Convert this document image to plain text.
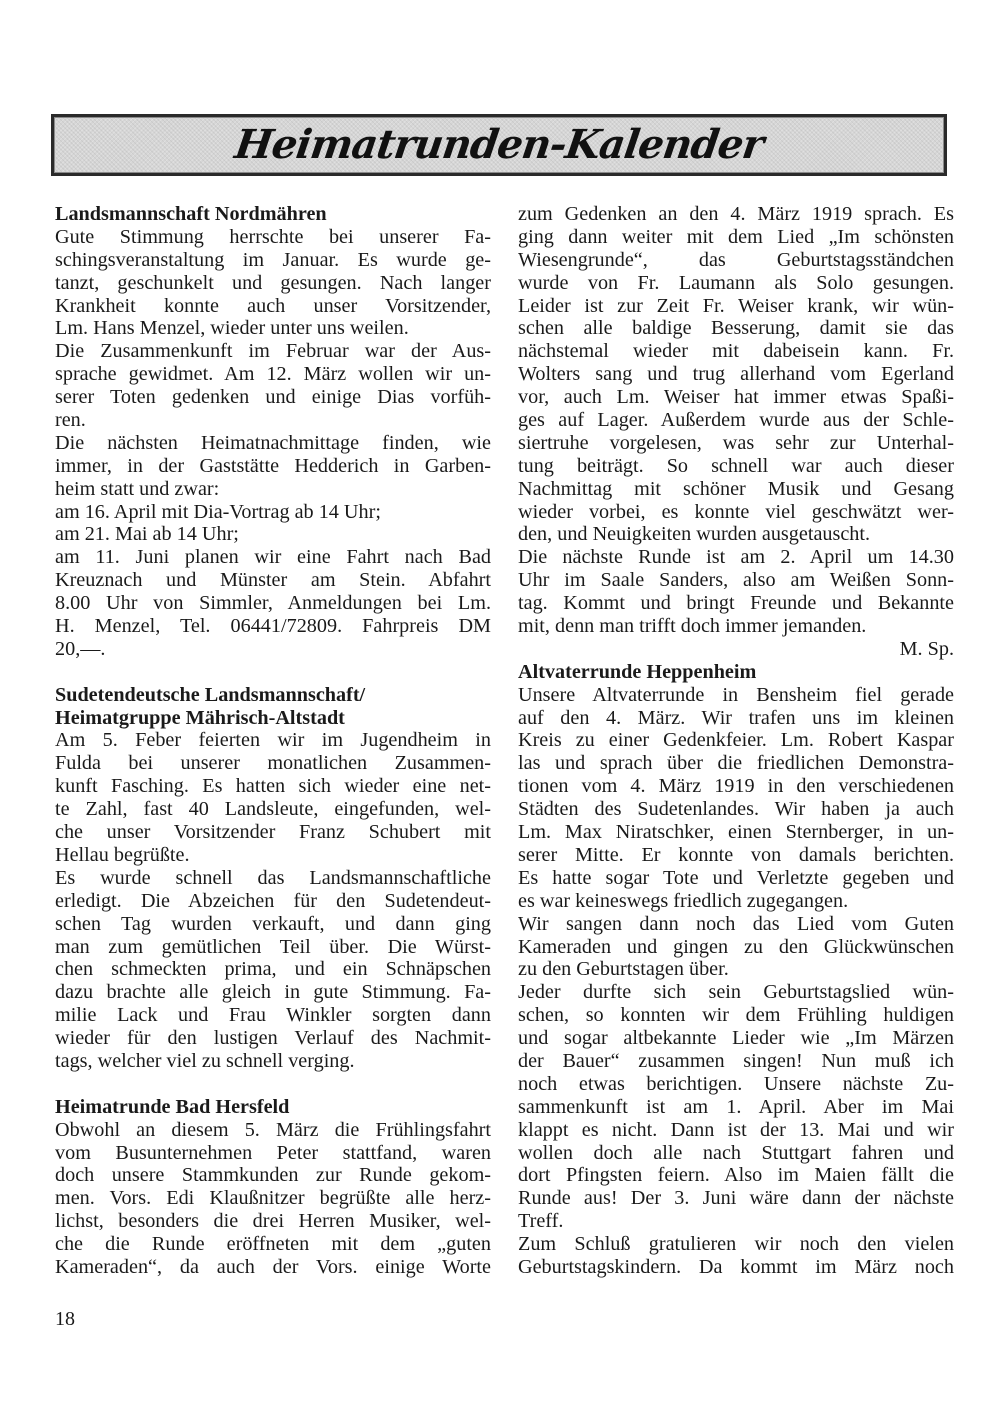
Heimatrunden-Kalender
Landsmannschaft Nordmähren
Gute Stimmung herrschte bei unserer Fa-
schingsveranstaltung im Januar. Es wurde ge-
tanzt, geschunkelt und gesungen. Nach langer
Krankheit konnte auch unser Vorsitzender,
Lm. Hans Menzel, wieder unter uns weilen.
Die Zusammenkunft im Februar war der Aus-
sprache gewidmet. Am 12. März wollen wir un-
serer Toten gedenken und einige Dias vorfüh-
ren.
Die nächsten Heimatnachmittage finden, wie
immer, in der Gaststätte Hedderich in Garben-
heim statt und zwar:
am 16. April mit Dia-Vortrag ab 14 Uhr;
am 21. Mai ab 14 Uhr;
am 11. Juni planen wir eine Fahrt nach Bad
Kreuznach und Münster am Stein. Abfahrt
8.00 Uhr von Simmler, Anmeldungen bei Lm.
H. Menzel, Tel. 06441/72809. Fahrpreis DM
20,—.
Sudetendeutsche Landsmannschaft/
Heimatgruppe Mährisch-Altstadt
Am 5. Feber feierten wir im Jugendheim in
Fulda bei unserer monatlichen Zusammen-
kunft Fasching. Es hatten sich wieder eine net-
te Zahl, fast 40 Landsleute, eingefunden, wel-
che unser Vorsitzender Franz Schubert mit
Hellau begrüßte.
Es wurde schnell das Landsmannschaftliche
erledigt. Die Abzeichen für den Sudetendeut-
schen Tag wurden verkauft, und dann ging
man zum gemütlichen Teil über. Die Würst-
chen schmeckten prima, und ein Schnäpschen
dazu brachte alle gleich in gute Stimmung. Fa-
milie Lack und Frau Winkler sorgten dann
wieder für den lustigen Verlauf des Nachmit-
tags, welcher viel zu schnell verging.
Heimatrunde Bad Hersfeld
Obwohl an diesem 5. März die Frühlingsfahrt
vom Busunternehmen Peter stattfand, waren
doch unsere Stammkunden zur Runde gekom-
men. Vors. Edi Klaußnitzer begrüßte alle herz-
lichst, besonders die drei Herren Musiker, wel-
che die Runde eröffneten mit dem „guten
Kameraden“, da auch der Vors. einige Worte
zum Gedenken an den 4. März 1919 sprach. Es
ging dann weiter mit dem Lied „Im schönsten
Wiesengrunde“, das Geburtstagsständchen
wurde von Fr. Laumann als Solo gesungen.
Leider ist zur Zeit Fr. Weiser krank, wir wün-
schen alle baldige Besserung, damit sie das
nächstemal wieder mit dabeisein kann. Fr.
Wolters sang und trug allerhand vom Egerland
vor, auch Lm. Weiser hat immer etwas Spaßi-
ges auf Lager. Außerdem wurde aus der Schle-
siertruhe vorgelesen, was sehr zur Unterhal-
tung beiträgt. So schnell war auch dieser
Nachmittag mit schöner Musik und Gesang
wieder vorbei, es konnte viel geschwätzt wer-
den, und Neuigkeiten wurden ausgetauscht.
Die nächste Runde ist am 2. April um 14.30
Uhr im Saale Sanders, also am Weißen Sonn-
tag. Kommt und bringt Freunde und Bekannte
mit, denn man trifft doch immer jemanden.
M. Sp.
Altvaterrunde Heppenheim
Unsere Altvaterrunde in Bensheim fiel gerade
auf den 4. März. Wir trafen uns im kleinen
Kreis zu einer Gedenkfeier. Lm. Robert Kaspar
las und sprach über die friedlichen Demonstra-
tionen vom 4. März 1919 in den verschiedenen
Städten des Sudetenlandes. Wir haben ja auch
Lm. Max Niratschker, einen Sternberger, in un-
serer Mitte. Er konnte von damals berichten.
Es hatte sogar Tote und Verletzte gegeben und
es war keineswegs friedlich zugegangen.
Wir sangen dann noch das Lied vom Guten
Kameraden und gingen zu den Glückwünschen
zu den Geburtstagen über.
Jeder durfte sich sein Geburtstagslied wün-
schen, so konnten wir dem Frühling huldigen
und sogar altbekannte Lieder wie „Im Märzen
der Bauer“ zusammen singen! Nun muß ich
noch etwas berichtigen. Unsere nächste Zu-
sammenkunft ist am 1. April. Aber im Mai
klappt es nicht. Dann ist der 13. Mai und wir
wollen doch alle nach Stuttgart fahren und
dort Pfingsten feiern. Also im Maien fällt die
Runde aus! Der 3. Juni wäre dann der nächste
Treff.
Zum Schluß gratulieren wir noch den vielen
Geburtstagskindern. Da kommt im März noch
18
